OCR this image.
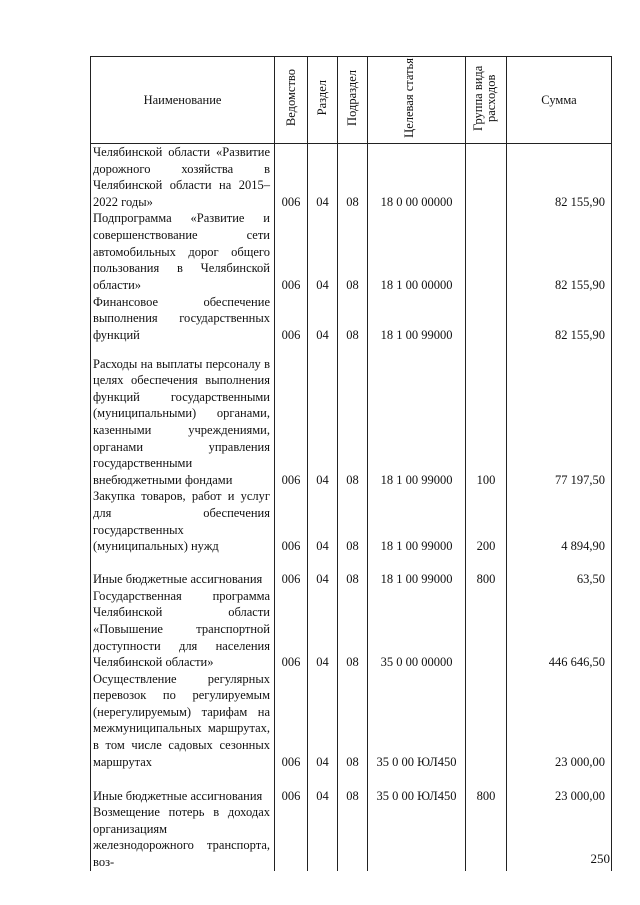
Наименование	Ведомство	Раздел	Подраздел	Целевая статья	Группа вида расходов	Сумма
Челябинской области «Развитие дорожного хозяйства в Челябинской области на 2015–2022 годы»	006	04	08	18 0 00 00000		82 155,90
Подпрограмма «Развитие и совершенствование сети автомобильных дорог общего пользования в Челябинской области»	006	04	08	18 1 00 00000		82 155,90
Финансовое обеспечение выполнения государственных функций	006	04	08	18 1 00 99000		82 155,90
Расходы на выплаты персоналу в целях обеспечения выполнения функций государственными (муниципальными) органами, казенными учреждениями, органами управления государственными внебюджетными фондами	006	04	08	18 1 00 99000	100	77 197,50
Закупка товаров, работ и услуг для обеспечения государственных (муниципальных) нужд	006	04	08	18 1 00 99000	200	4 894,90
Иные бюджетные ассигнования	006	04	08	18 1 00 99000	800	63,50
Государственная программа Челябинской области «Повышение транспортной доступности для населения Челябинской области»	006	04	08	35 0 00 00000		446 646,50
Осуществление регулярных перевозок по регулируемым (нерегулируемым) тарифам на межмуниципальных маршрутах, в том числе садовых сезонных маршрутах	006	04	08	35 0 00 ЮЛ450		23 000,00
Иные бюджетные ассигнования	006	04	08	35 0 00 ЮЛ450	800	23 000,00
Возмещение потерь в доходах организациям железнодорожного транспорта, воз-							250
